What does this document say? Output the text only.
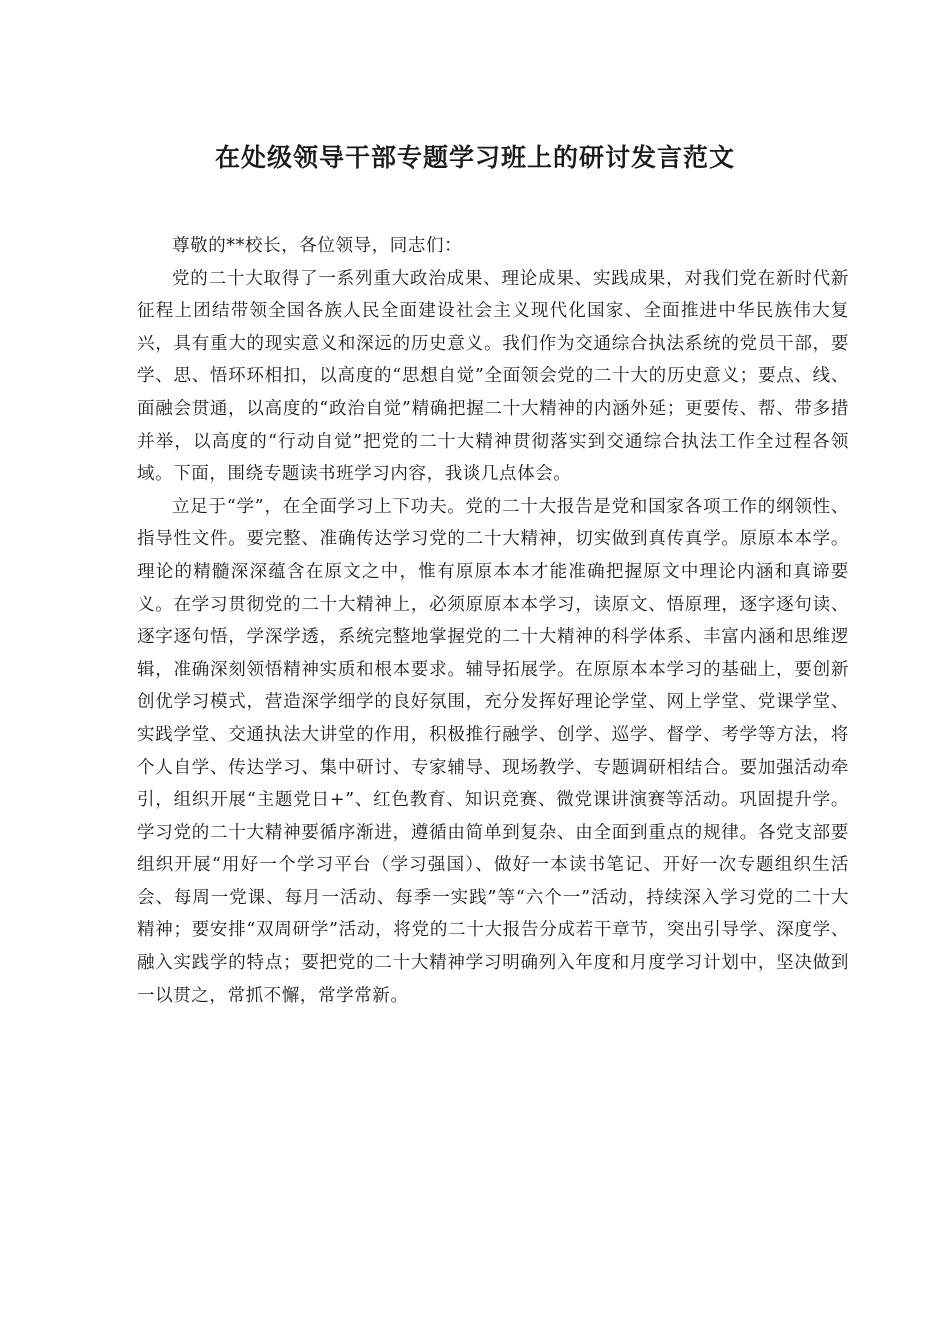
在处级领导干部专题学习班上的研讨发言范文

尊敬的**校长，各位领导，同志们：

党的二十大取得了一系列重大政治成果、理论成果、实践成果，对我们党在新时代新征程上团结带领全国各族人民全面建设社会主义现代化国家、全面推进中华民族伟大复兴，具有重大的现实意义和深远的历史意义。我们作为交通综合执法系统的党员干部，要学、思、悟环环相扣，以高度的“思想自觉”全面领会党的二十大的历史意义；要点、线、面融会贯通，以高度的“政治自觉”精确把握二十大精神的内涵外延；更要传、帮、带多措并举，以高度的“行动自觉”把党的二十大精神贯彻落实到交通综合执法工作全过程各领域。下面，围绕专题读书班学习内容，我谈几点体会。

立足于“学”，在全面学习上下功夫。党的二十大报告是党和国家各项工作的纲领性、指导性文件。要完整、准确传达学习党的二十大精神，切实做到真传真学。原原本本学。理论的精髓深深蕴含在原文之中，惟有原原本本才能准确把握原文中理论内涵和真谛要义。在学习贯彻党的二十大精神上，必须原原本本学习，读原文、悟原理，逐字逐句读、逐字逐句悟，学深学透，系统完整地掌握党的二十大精神的科学体系、丰富内涵和思维逻辑，准确深刻领悟精神实质和根本要求。辅导拓展学。在原原本本学习的基础上，要创新创优学习模式，营造深学细学的良好氛围，充分发挥好理论学堂、网上学堂、党课学堂、实践学堂、交通执法大讲堂的作用，积极推行融学、创学、巡学、督学、考学等方法，将个人自学、传达学习、集中研讨、专家辅导、现场教学、专题调研相结合。要加强活动牵引，组织开展“主题党日+”、红色教育、知识竞赛、微党课讲演赛等活动。巩固提升学。学习党的二十大精神要循序渐进，遵循由简单到复杂、由全面到重点的规律。各党支部要组织开展“用好一个学习平台（学习强国）、做好一本读书笔记、开好一次专题组织生活会、每周一党课、每月一活动、每季一实践”等“六个一”活动，持续深入学习党的二十大精神；要安排“双周研学”活动，将党的二十大报告分成若干章节，突出引导学、深度学、融入实践学的特点；要把党的二十大精神学习明确列入年度和月度学习计划中，坚决做到一以贯之，常抓不懈，常学常新。
